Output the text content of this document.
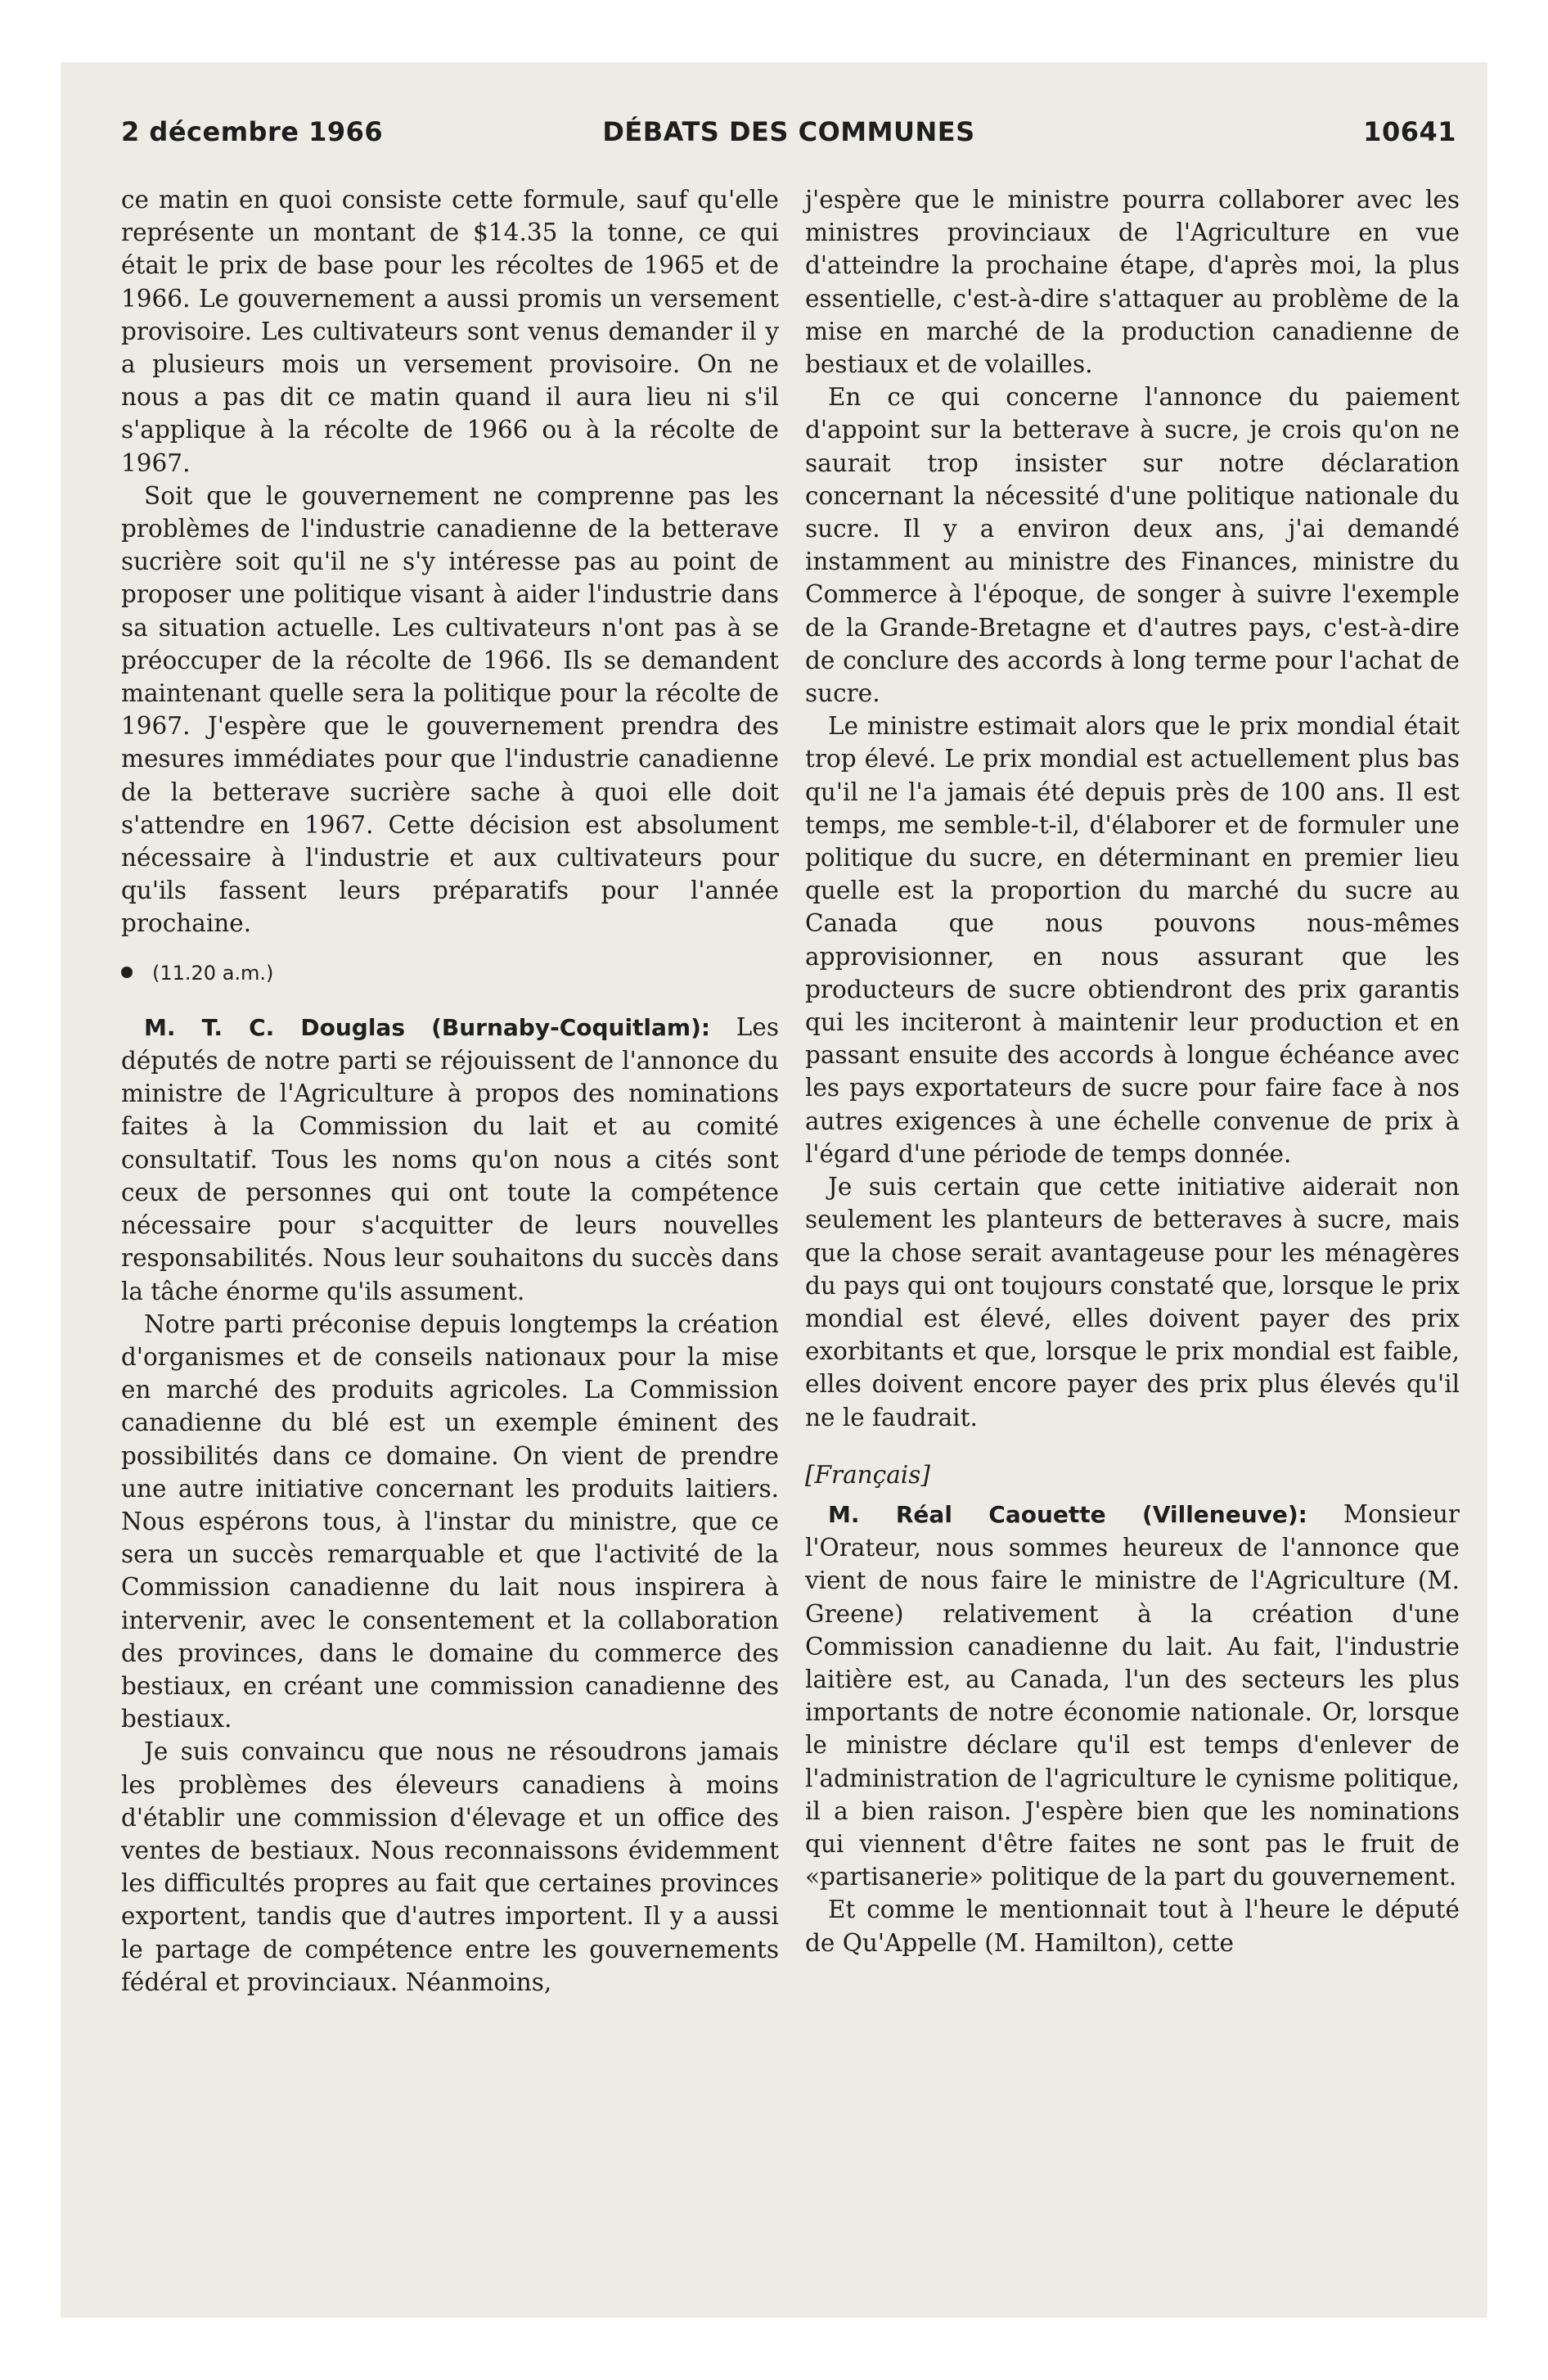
2 décembre 1966	DÉBATS DES COMMUNES	10641

ce matin en quoi consiste cette formule, sauf qu'elle représente un montant de $14.35 la tonne, ce qui était le prix de base pour les récoltes de 1965 et de 1966. Le gouvernement a aussi promis un versement provisoire. Les cultivateurs sont venus demander il y a plusieurs mois un versement provisoire. On ne nous a pas dit ce matin quand il aura lieu ni s'il s'applique à la récolte de 1966 ou à la récolte de 1967.

Soit que le gouvernement ne comprenne pas les problèmes de l'industrie canadienne de la betterave sucrière soit qu'il ne s'y intéresse pas au point de proposer une politique visant à aider l'industrie dans sa situation actuelle. Les cultivateurs n'ont pas à se préoccuper de la récolte de 1966. Ils se demandent maintenant quelle sera la politique pour la récolte de 1967. J'espère que le gouvernement prendra des mesures immédiates pour que l'industrie canadienne de la betterave sucrière sache à quoi elle doit s'attendre en 1967. Cette décision est absolument nécessaire à l'industrie et aux cultivateurs pour qu'ils fassent leurs préparatifs pour l'année prochaine.

(11.20 a.m.)

M. T. C. Douglas (Burnaby-Coquitlam): Les députés de notre parti se réjouissent de l'annonce du ministre de l'Agriculture à propos des nominations faites à la Commission du lait et au comité consultatif. Tous les noms qu'on nous a cités sont ceux de personnes qui ont toute la compétence nécessaire pour s'acquitter de leurs nouvelles responsabilités. Nous leur souhaitons du succès dans la tâche énorme qu'ils assument.

Notre parti préconise depuis longtemps la création d'organismes et de conseils nationaux pour la mise en marché des produits agricoles. La Commission canadienne du blé est un exemple éminent des possibilités dans ce domaine. On vient de prendre une autre initiative concernant les produits laitiers. Nous espérons tous, à l'instar du ministre, que ce sera un succès remarquable et que l'activité de la Commission canadienne du lait nous inspirera à intervenir, avec le consentement et la collaboration des provinces, dans le domaine du commerce des bestiaux, en créant une commission canadienne des bestiaux.

Je suis convaincu que nous ne résoudrons jamais les problèmes des éleveurs canadiens à moins d'établir une commission d'élevage et un office des ventes de bestiaux. Nous reconnaissons évidemment les difficultés propres au fait que certaines provinces exportent, tandis que d'autres importent. Il y a aussi le partage de compétence entre les gouvernements fédéral et provinciaux. Néanmoins,

j'espère que le ministre pourra collaborer avec les ministres provinciaux de l'Agriculture en vue d'atteindre la prochaine étape, d'après moi, la plus essentielle, c'est-à-dire s'attaquer au problème de la mise en marché de la production canadienne de bestiaux et de volailles.

En ce qui concerne l'annonce du paiement d'appoint sur la betterave à sucre, je crois qu'on ne saurait trop insister sur notre déclaration concernant la nécessité d'une politique nationale du sucre. Il y a environ deux ans, j'ai demandé instamment au ministre des Finances, ministre du Commerce à l'époque, de songer à suivre l'exemple de la Grande-Bretagne et d'autres pays, c'est-à-dire de conclure des accords à long terme pour l'achat de sucre.

Le ministre estimait alors que le prix mondial était trop élevé. Le prix mondial est actuellement plus bas qu'il ne l'a jamais été depuis près de 100 ans. Il est temps, me semble-t-il, d'élaborer et de formuler une politique du sucre, en déterminant en premier lieu quelle est la proportion du marché du sucre au Canada que nous pouvons nous-mêmes approvisionner, en nous assurant que les producteurs de sucre obtiendront des prix garantis qui les inciteront à maintenir leur production et en passant ensuite des accords à longue échéance avec les pays exportateurs de sucre pour faire face à nos autres exigences à une échelle convenue de prix à l'égard d'une période de temps donnée.

Je suis certain que cette initiative aiderait non seulement les planteurs de betteraves à sucre, mais que la chose serait avantageuse pour les ménagères du pays qui ont toujours constaté que, lorsque le prix mondial est élevé, elles doivent payer des prix exorbitants et que, lorsque le prix mondial est faible, elles doivent encore payer des prix plus élevés qu'il ne le faudrait.

[Français]

M. Réal Caouette (Villeneuve): Monsieur l'Orateur, nous sommes heureux de l'annonce que vient de nous faire le ministre de l'Agriculture (M. Greene) relativement à la création d'une Commission canadienne du lait. Au fait, l'industrie laitière est, au Canada, l'un des secteurs les plus importants de notre économie nationale. Or, lorsque le ministre déclare qu'il est temps d'enlever de l'administration de l'agriculture le cynisme politique, il a bien raison. J'espère bien que les nominations qui viennent d'être faites ne sont pas le fruit de «partisanerie» politique de la part du gouvernement.

Et comme le mentionnait tout à l'heure le député de Qu'Appelle (M. Hamilton), cette
